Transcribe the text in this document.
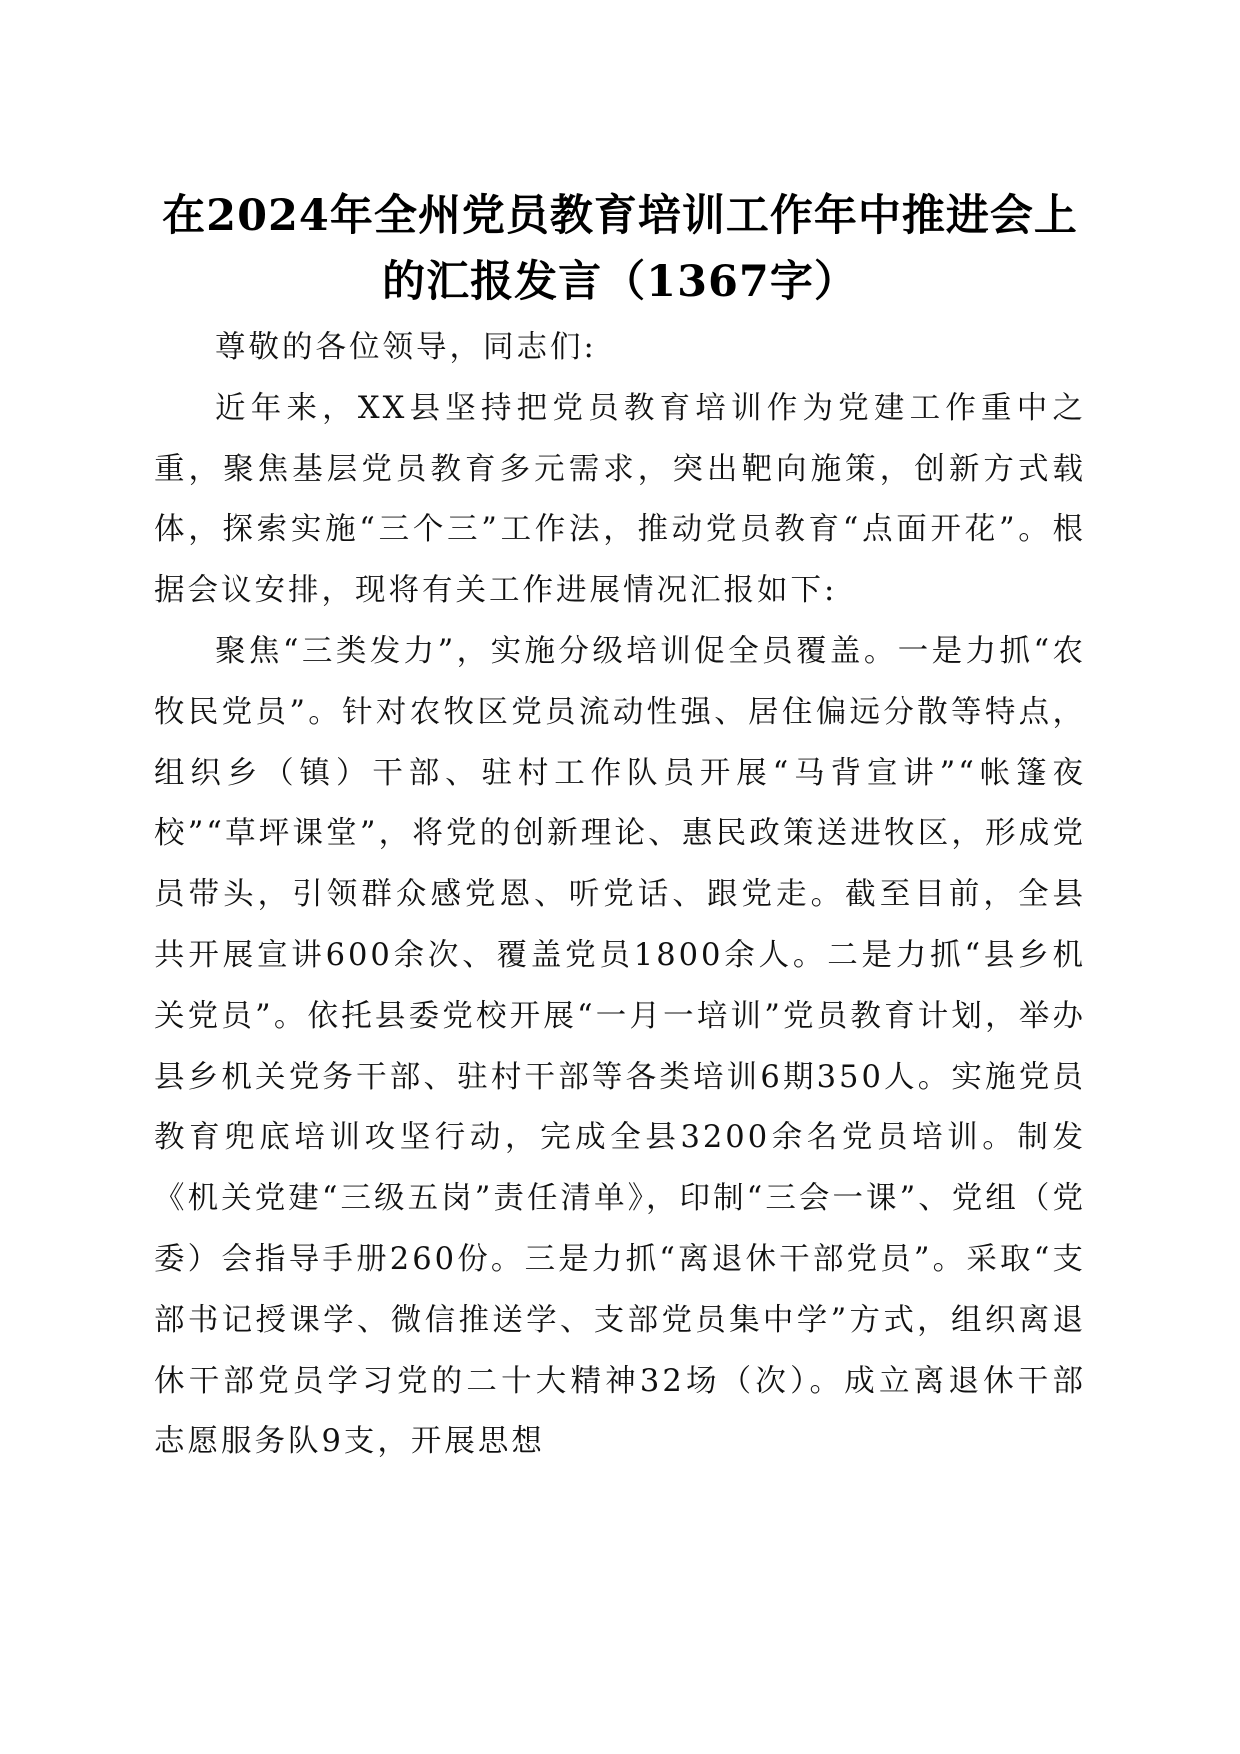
在2024年全州党员教育培训工作年中推进会上的汇报发言（1367字）

尊敬的各位领导，同志们:

近年来，XX县坚持把党员教育培训作为党建工作重中之重，聚焦基层党员教育多元需求，突出靶向施策，创新方式载体，探索实施“三个三”工作法，推动党员教育“点面开花”。根据会议安排，现将有关工作进展情况汇报如下:

聚焦“三类发力”，实施分级培训促全员覆盖。一是力抓“农牧民党员”。针对农牧区党员流动性强、居住偏远分散等特点，组织乡（镇）干部、驻村工作队员开展“马背宣讲”“帐篷夜校”“草坪课堂”，将党的创新理论、惠民政策送进牧区，形成党员带头，引领群众感党恩、听党话、跟党走。截至目前，全县共开展宣讲600余次、覆盖党员1800余人。二是力抓“县乡机关党员”。依托县委党校开展“一月一培训”党员教育计划，举办县乡机关党务干部、驻村干部等各类培训6期350人。实施党员教育兜底培训攻坚行动，完成全县3200余名党员培训。制发《机关党建“三级五岗”责任清单》，印制“三会一课”、党组（党委）会指导手册260份。三是力抓“离退休干部党员”。采取“支部书记授课学、微信推送学、支部党员集中学”方式，组织离退休干部党员学习党的二十大精神32场（次）。成立离退休干部志愿服务队9支，开展思想
